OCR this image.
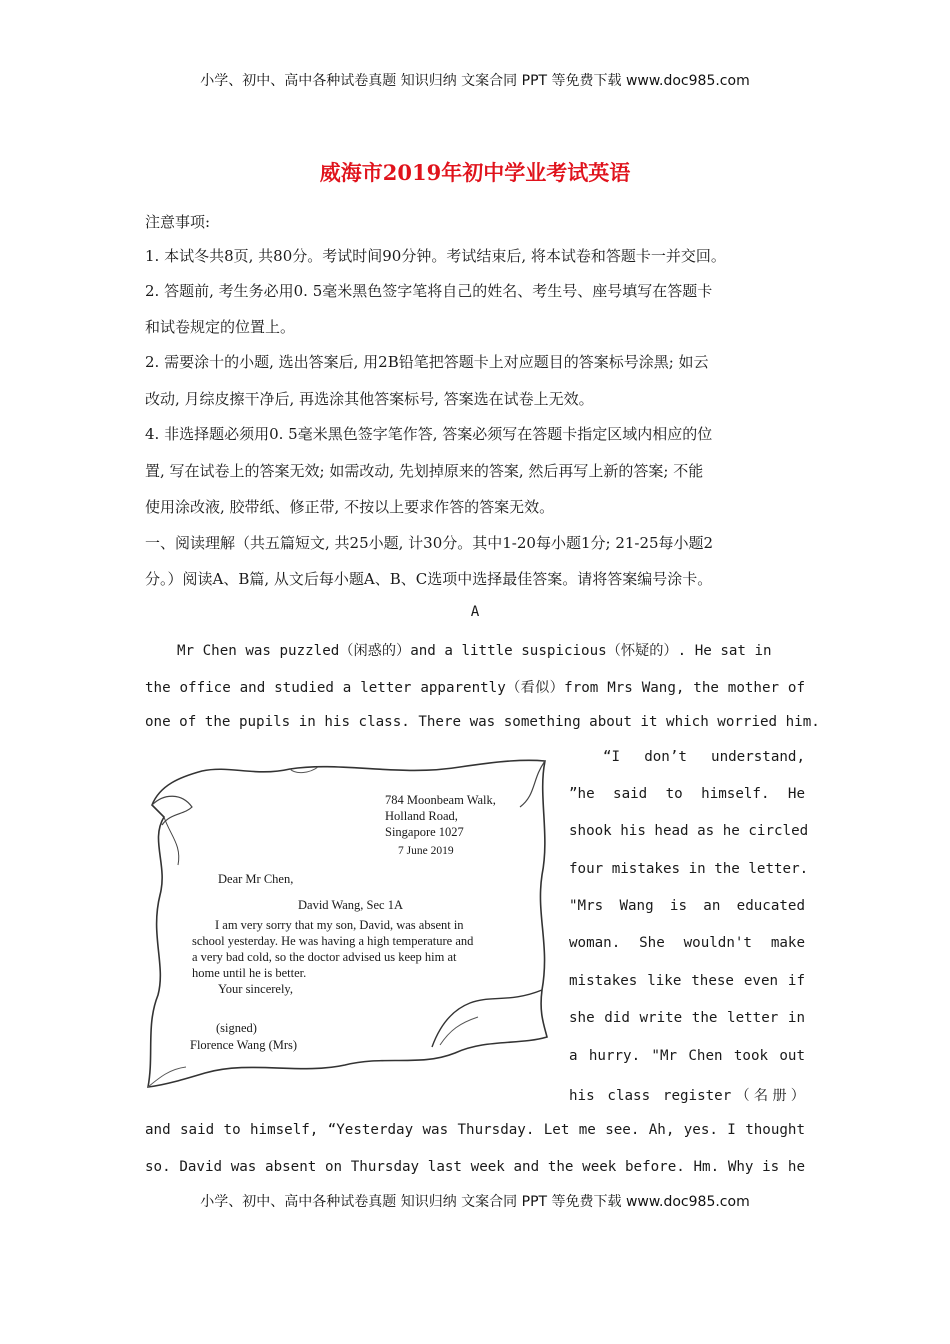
小学、初中、高中各种试卷真题 知识归纳 文案合同 PPT 等免费下载 www.doc985.com
威海市2019年初中学业考试英语
注意事项:
1. 本试冬共8页, 共80分。考试时间90分钟。考试结束后, 将本试卷和答题卡一并交回。
2. 答题前, 考生务必用0. 5毫米黑色签字笔将自己的姓名、考生号、座号填写在答题卡
和试卷规定的位置上。
2. 需要涂十的小题, 选出答案后, 用2B铅笔把答题卡上对应题目的答案标号涂黑; 如云
改动, 月综皮擦干净后, 再选涂其他答案标号, 答案选在试卷上无效。
4. 非选择题必须用0. 5毫米黑色签字笔作答, 答案必须写在答题卡指定区域内相应的位
置, 写在试卷上的答案无效; 如需改动, 先划掉原来的答案, 然后再写上新的答案; 不能
使用涂改液, 胶带纸、修正带, 不按以上要求作答的答案无效。
一、阅读理解（共五篇短文, 共25小题, 计30分。其中1-20每小题1分; 21-25每小题2
分。）阅读A、B篇, 从文后每小题A、B、C选项中选择最佳答案。请将答案编号涂卡。
A
Mr Chen was puzzled（闲惑的）and a little suspicious（怀疑的）. He sat in
the office and studied a letter apparently（看似）from Mrs Wang, the mother of
one of the pupils in his class. There was something about it which worried him.
“I don’t understand,
”he said to himself. He
shook his head as he circled
four mistakes in the letter.
"Mrs Wang is an educated
woman. She wouldn't make
mistakes like these even if
she did write the letter in
a hurry. "Mr Chen took out
his class register（名册）
784 Moonbeam Walk,
Holland Road,
Singapore 1027
7 June 2019
Dear Mr Chen,
David Wang, Sec 1A
I am very sorry that my son, David, was absent in
school yesterday. He was having a high temperature and
a very bad cold, so the doctor advised us keep him at
home until he is better.
Your sincerely,
(signed)
Florence Wang (Mrs)
and said to himself, “Yesterday was Thursday. Let me see. Ah, yes. I thought
so. David was absent on Thursday last week and the week before. Hm. Why is he
小学、初中、高中各种试卷真题 知识归纳 文案合同 PPT 等免费下载 www.doc985.com
